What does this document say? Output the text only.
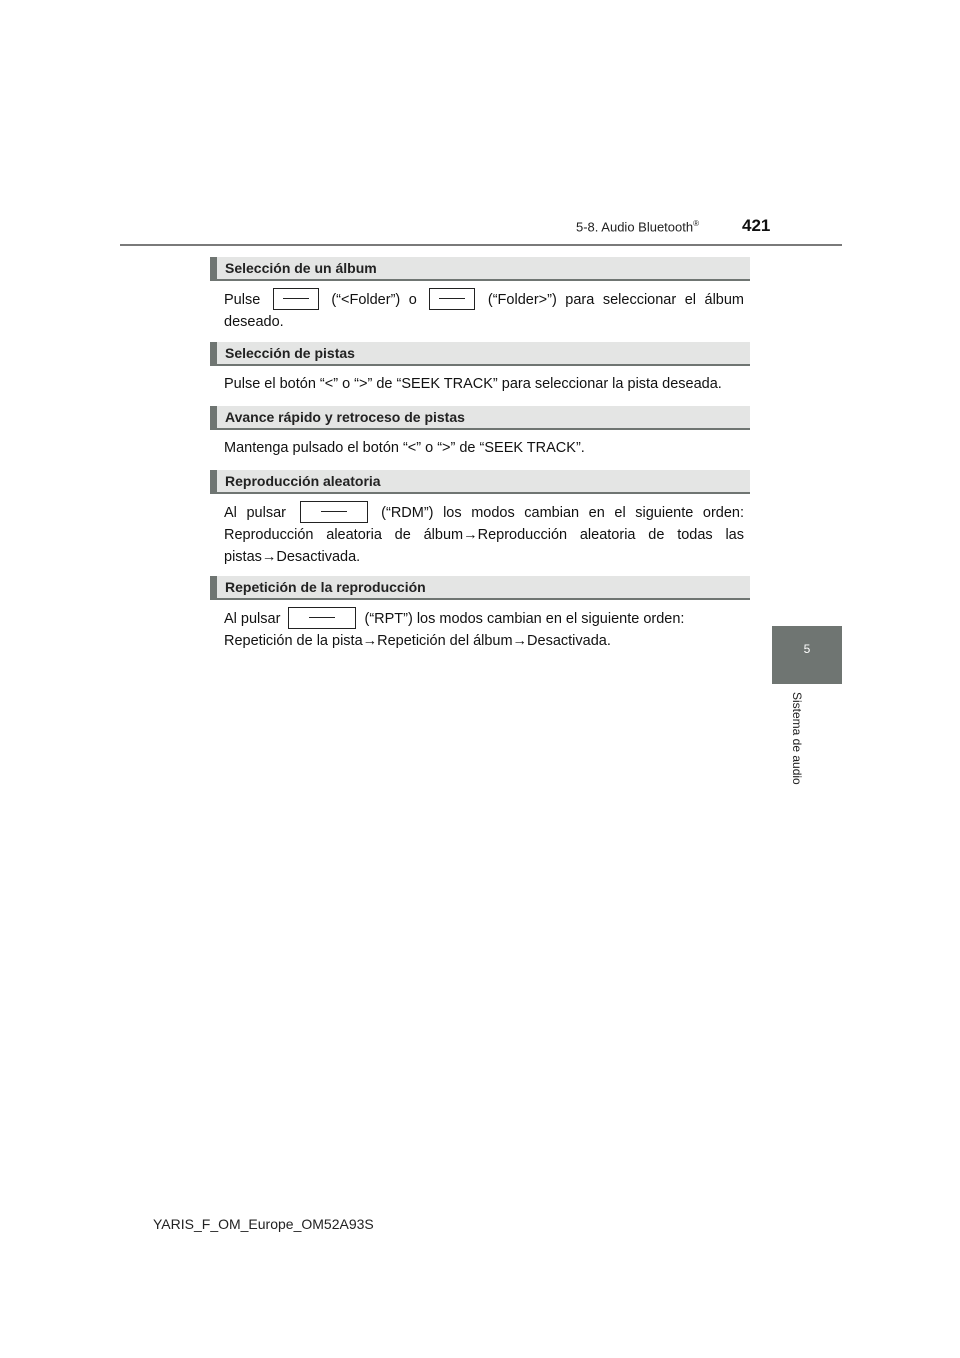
5-8. Audio Bluetooth®	421
5
Sistema de audio
Selección de un álbum

Pulse	(“<Folder”) o	(“Folder>”) para seleccionar el álbum deseado.

Selección de pistas

Pulse el botón “<” o “>” de “SEEK TRACK” para seleccionar la pista deseada.

Avance rápido y retroceso de pistas

Mantenga pulsado el botón “<” o “>” de “SEEK TRACK”.

Reproducción aleatoria

Al pulsar	(“RDM”) los modos cambian en el siguiente orden: Reproducción aleatoria de álbum→Reproducción aleatoria de todas las pistas→Desactivada.

Repetición de la reproducción

Al pulsar	(“RPT”) los modos cambian en el siguiente orden:
Repetición de la pista→Repetición del álbum→Desactivada.

YARIS_F_OM_Europe_OM52A93S
